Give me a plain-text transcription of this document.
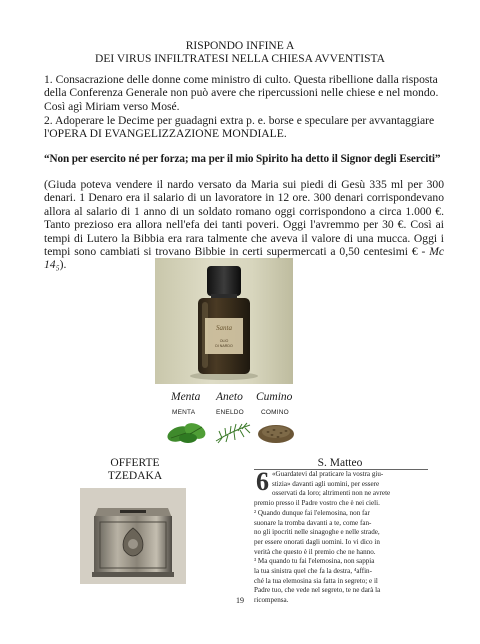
RISPONDO INFINE A
DEI VIRUS INFILTRATESI NELLA CHIESA AVVENTISTA

1. Consacrazione delle donne come ministro di culto. Questa ribellione dalla risposta della Conferenza Generale non può avere che ripercussioni nelle chiese e nel mondo. Così agì Miriam verso Mosé.

2. Adoperare le Decime per guadagni extra p. e. borse e speculare per avvantaggiare l'OPERA DI EVANGELIZZAZIONE MONDIALE.

“Non per esercito né per forza; ma per il mio Spirito ha detto il Signor degli Eserciti”

(Giuda poteva vendere il nardo versato da Maria sui piedi di Gesù 335 ml per 300 denari. 1 Denaro era il salario di un lavoratore in 12 ore. 300 denari corrispondevano allora al salario di 1 anno di un soldato romano oggi corrispondono a circa 1.000 €. Tanto prezioso era allora nell'efa dei tanti poveri. Oggi l'avremmo per 30 €. Così ai tempi di Lutero la Bibbia era rara talmente che aveva il valore di una mucca. Oggi i tempi sono cambiati si trovano Bibbie in certi supermercati a 0,50 centesimi € - Mc 14₅).

Santa
OLIO
DI NARDO
Menta Aneto Cumino
MENTA	ENELDO	COMINO
OFFERTE
TZEDAKA
S. Matteo
6 «Guardatevi dal praticare la vostra giu-
stizia» davanti agli uomini, per essere
osservati da loro; altrimenti non ne avrete
premio presso il Padre vostro che è nei cieli.
² Quando dunque fai l'elemosina, non far
suonare la tromba davanti a te, come fan-
no gli ipocriti nelle sinagoghe e nelle strade,
per essere onorati dagli uomini. Io vi dico in
verità che questo è il premio che ne hanno.
³ Ma quando tu fai l'elemosina, non sappia
la tua sinistra quel che fa la destra, ⁴affin-
ché la tua elemosina sia fatta in segreto; e il
Padre tuo, che vede nel segreto, te ne darà la
ricompensa.
19
